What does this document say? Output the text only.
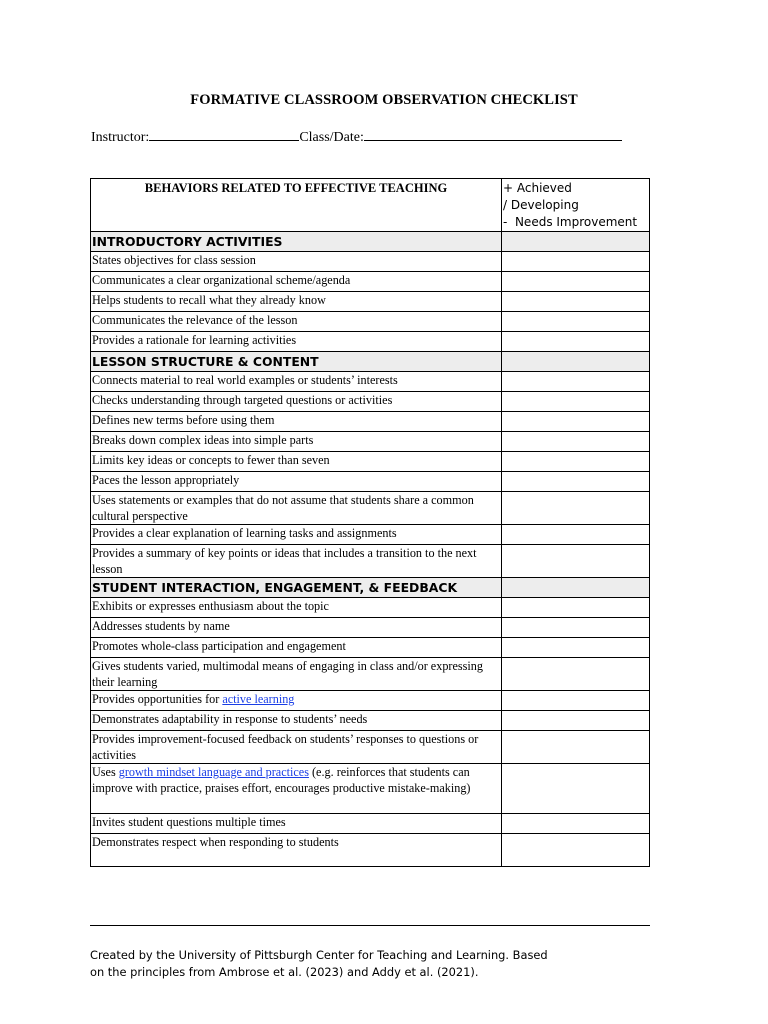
FORMATIVE CLASSROOM OBSERVATION CHECKLIST
Instructor:	Class/Date:
BEHAVIORS RELATED TO EFFECTIVE TEACHING	+ Achieved
/ Developing
-  Needs Improvement

INTRODUCTORY ACTIVITIES	
States objectives for class session	
Communicates a clear organizational scheme/agenda	
Helps students to recall what they already know	
Communicates the relevance of the lesson	
Provides a rationale for learning activities	
LESSON STRUCTURE & CONTENT	
Connects material to real world examples or students’ interests	
Checks understanding through targeted questions or activities	
Defines new terms before using them	
Breaks down complex ideas into simple parts	
Limits key ideas or concepts to fewer than seven	
Paces the lesson appropriately	
Uses statements or examples that do not assume that students share a common cultural perspective	
Provides a clear explanation of learning tasks and assignments	
Provides a summary of key points or ideas that includes a transition to the next lesson	
STUDENT INTERACTION, ENGAGEMENT, & FEEDBACK	
Exhibits or expresses enthusiasm about the topic	
Addresses students by name	
Promotes whole-class participation and engagement	
Gives students varied, multimodal means of engaging in class and/or expressing their learning	
Provides opportunities for active learning	
Demonstrates adaptability in response to students’ needs	
Provides improvement-focused feedback on students’ responses to questions or activities	
Uses growth mindset language and practices (e.g. reinforces that students can improve with practice, praises effort, encourages productive mistake-making)	
Invites student questions multiple times	
Demonstrates respect when responding to students	
Created by the University of Pittsburgh Center for Teaching and Learning. Based on the principles from Ambrose et al. (2023) and Addy et al. (2021).
